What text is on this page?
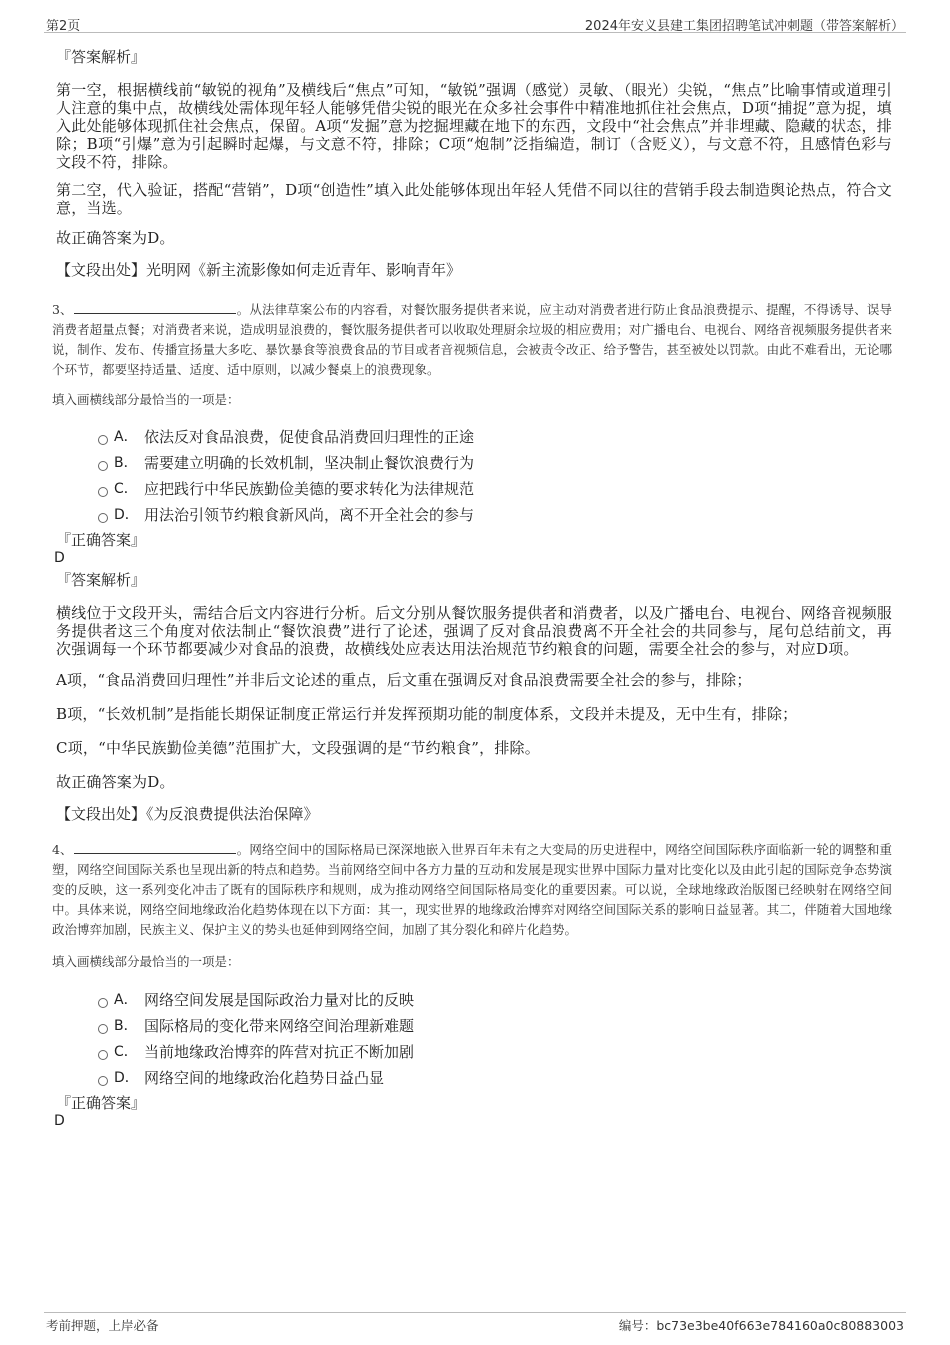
第2页	2024年安义县建工集团招聘笔试冲刺题（带答案解析）

『答案解析』

第一空，根据横线前“敏锐的视角”及横线后“焦点”可知，“敏锐”强调（感觉）灵敏、（眼光）尖锐，“焦点”比喻事情或道理引人注意的集中点，故横线处需体现年轻人能够凭借尖锐的眼光在众多社会事件中精准地抓住社会焦点，D项“捕捉”意为捉，填入此处能够体现抓住社会焦点，保留。A项“发掘”意为挖掘埋藏在地下的东西，文段中“社会焦点”并非埋藏、隐藏的状态，排除；B项“引爆”意为引起瞬时起爆，与文意不符，排除；C项“炮制”泛指编造，制订（含贬义），与文意不符，且感情色彩与文段不符，排除。

第二空，代入验证，搭配“营销”，D项“创造性”填入此处能够体现出年轻人凭借不同以往的营销手段去制造舆论热点，符合文意，当选。

故正确答案为D。

【文段出处】光明网《新主流影像如何走近青年、影响青年》

3、	。从法律草案公布的内容看，对餐饮服务提供者来说，应主动对消费者进行防止食品浪费提示、提醒，不得诱导、误导消费者超量点餐；对消费者来说，造成明显浪费的，餐饮服务提供者可以收取处理厨余垃圾的相应费用；对广播电台、电视台、网络音视频服务提供者来说，制作、发布、传播宣扬量大多吃、暴饮暴食等浪费食品的节目或者音视频信息，会被责令改正、给予警告，甚至被处以罚款。由此不难看出，无论哪个环节，都要坚持适量、适度、适中原则，以减少餐桌上的浪费现象。

填入画横线部分最恰当的一项是：

A． 依法反对食品浪费，促使食品消费回归理性的正途
B． 需要建立明确的长效机制，坚决制止餐饮浪费行为
C． 应把践行中华民族勤俭美德的要求转化为法律规范
D． 用法治引领节约粮食新风尚，离不开全社会的参与

『正确答案』

D

『答案解析』

横线位于文段开头，需结合后文内容进行分析。后文分别从餐饮服务提供者和消费者，以及广播电台、电视台、网络音视频服务提供者这三个角度对依法制止“餐饮浪费”进行了论述，强调了反对食品浪费离不开全社会的共同参与，尾句总结前文，再次强调每一个环节都要减少对食品的浪费，故横线处应表达用法治规范节约粮食的问题，需要全社会的参与，对应D项。

A项，“食品消费回归理性”并非后文论述的重点，后文重在强调反对食品浪费需要全社会的参与，排除；

B项，“长效机制”是指能长期保证制度正常运行并发挥预期功能的制度体系，文段并未提及，无中生有，排除；

C项，“中华民族勤俭美德”范围扩大，文段强调的是“节约粮食”，排除。

故正确答案为D。

【文段出处】《为反浪费提供法治保障》

4、	。网络空间中的国际格局已深深地嵌入世界百年未有之大变局的历史进程中，网络空间国际秩序面临新一轮的调整和重塑，网络空间国际关系也呈现出新的特点和趋势。当前网络空间中各方力量的互动和发展是现实世界中国际力量对比变化以及由此引起的国际竞争态势演变的反映，这一系列变化冲击了既有的国际秩序和规则，成为推动网络空间国际格局变化的重要因素。可以说，全球地缘政治版图已经映射在网络空间中。具体来说，网络空间地缘政治化趋势体现在以下方面：其一，现实世界的地缘政治博弈对网络空间国际关系的影响日益显著。其二，伴随着大国地缘政治博弈加剧，民族主义、保护主义的势头也延伸到网络空间，加剧了其分裂化和碎片化趋势。

填入画横线部分最恰当的一项是：

A． 网络空间发展是国际政治力量对比的反映
B． 国际格局的变化带来网络空间治理新难题
C． 当前地缘政治博弈的阵营对抗正不断加剧
D． 网络空间的地缘政治化趋势日益凸显

『正确答案』

D

考前押题，上岸必备	编号：bc73e3be40f663e784160a0c80883003
